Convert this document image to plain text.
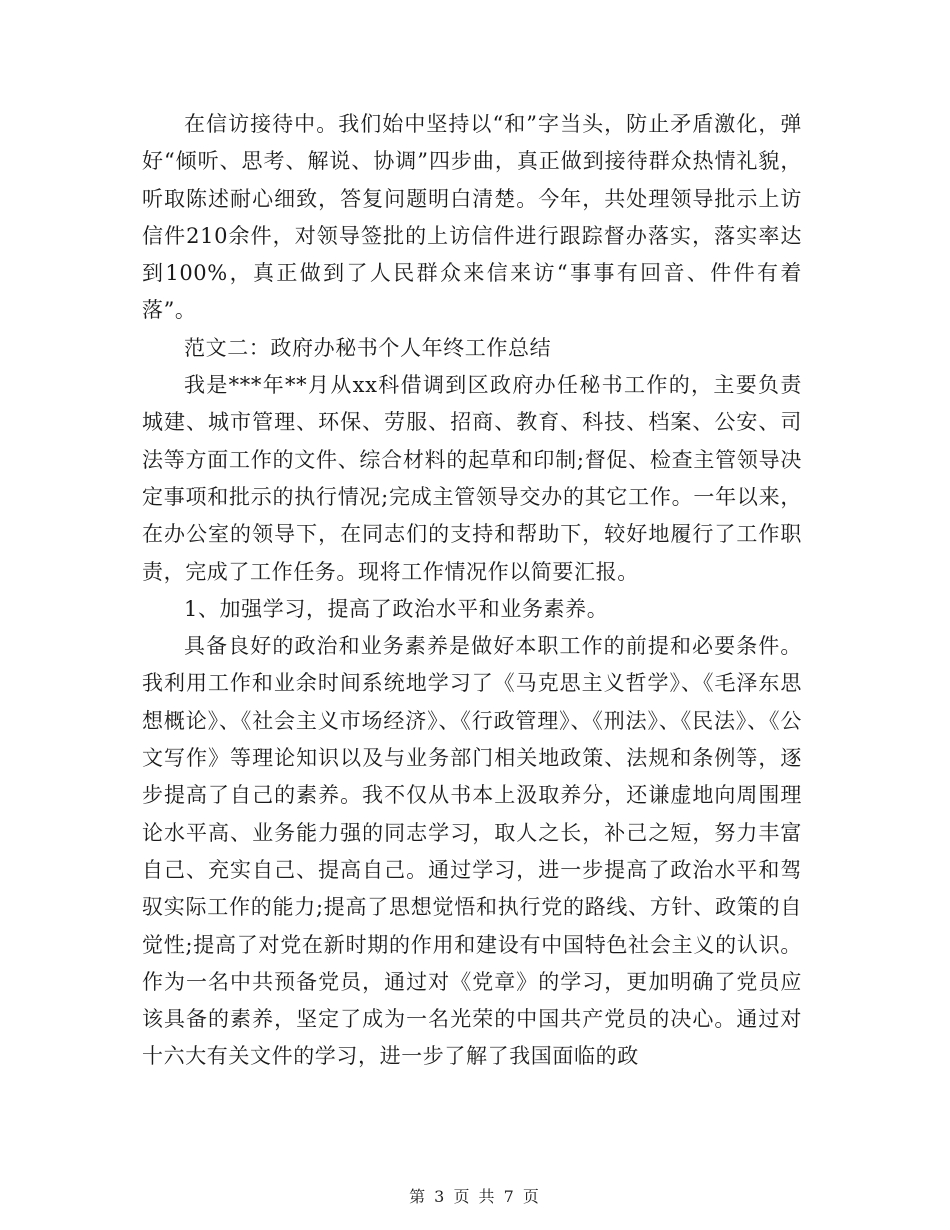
在信访接待中。我们始中坚持以“和”字当头，防止矛盾激化，弹好“倾听、思考、解说、协调”四步曲，真正做到接待群众热情礼貌，听取陈述耐心细致，答复问题明白清楚。今年，共处理领导批示上访信件210余件，对领导签批的上访信件进行跟踪督办落实，落实率达到100%，真正做到了人民群众来信来访“事事有回音、件件有着落”。

范文二：政府办秘书个人年终工作总结

我是***年**月从xx科借调到区政府办任秘书工作的，主要负责城建、城市管理、环保、劳服、招商、教育、科技、档案、公安、司法等方面工作的文件、综合材料的起草和印制;督促、检查主管领导决定事项和批示的执行情况;完成主管领导交办的其它工作。一年以来，在办公室的领导下，在同志们的支持和帮助下，较好地履行了工作职责，完成了工作任务。现将工作情况作以简要汇报。

1、加强学习，提高了政治水平和业务素养。

具备良好的政治和业务素养是做好本职工作的前提和必要条件。我利用工作和业余时间系统地学习了《马克思主义哲学》、《毛泽东思想概论》、《社会主义市场经济》、《行政管理》、《刑法》、《民法》、《公文写作》等理论知识以及与业务部门相关地政策、法规和条例等，逐步提高了自己的素养。我不仅从书本上汲取养分，还谦虚地向周围理论水平高、业务能力强的同志学习，取人之长，补己之短，努力丰富自己、充实自己、提高自己。通过学习，进一步提高了政治水平和驾驭实际工作的能力;提高了思想觉悟和执行党的路线、方针、政策的自觉性;提高了对党在新时期的作用和建设有中国特色社会主义的认识。作为一名中共预备党员，通过对《党章》的学习，更加明确了党员应该具备的素养，坚定了成为一名光荣的中国共产党员的决心。通过对十六大有关文件的学习，进一步了解了我国面临的政

第 3 页 共 7 页
